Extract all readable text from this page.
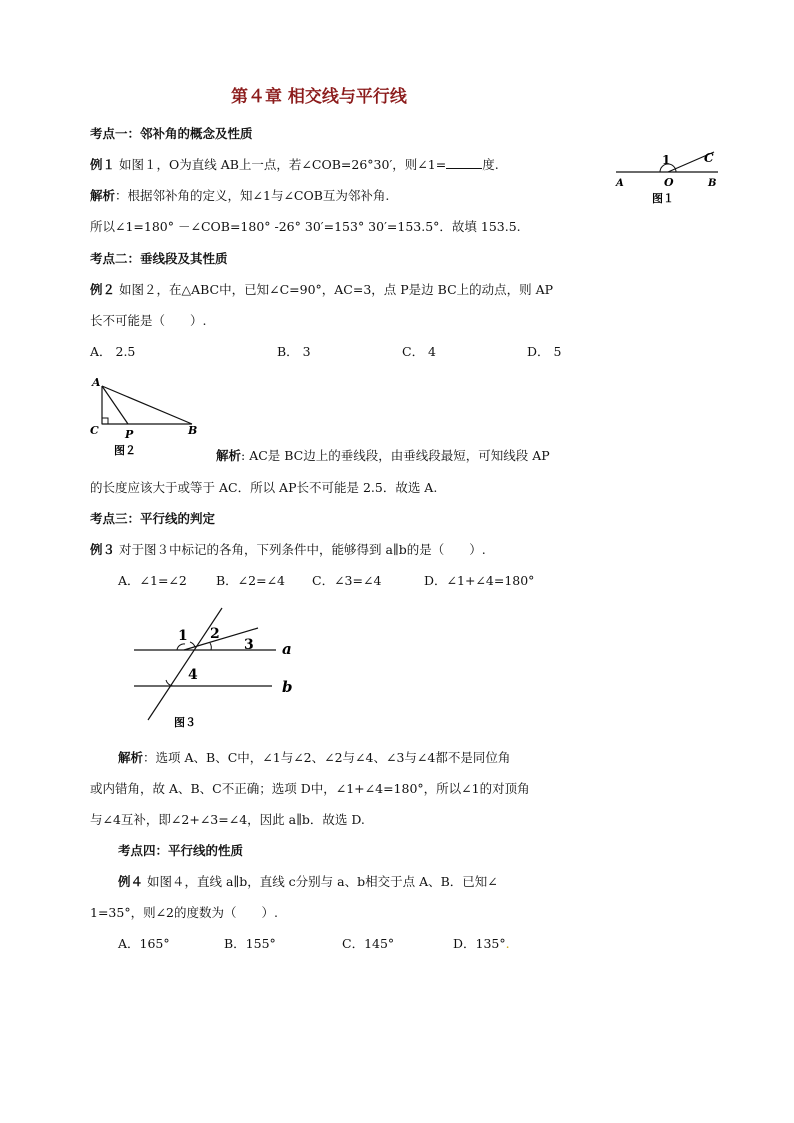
第４章 相交线与平行线
考点一：邻补角的概念及性质
例１ 如图１，O为直线 AB上一点，若∠COB=26°30′，则∠1=	度.
解析：根据邻补角的定义，知∠1与∠COB互为邻补角.
所以∠1=180° －∠COB=180° -26° 30′=153° 30′=153.5°．故填 153.5.
1	C
A	O	B
图１
考点二：垂线段及其性质
例２ 如图２，在△ABC中，已知∠C=90°，AC=3，点 P是边 BC上的动点，则 AP
长不可能是（　　）.
A． 2.5	B． 3	C． 4	D． 5
A
C P	B
图２	解析: AC是 BC边上的垂线段，由垂线段最短，可知线段 AP
的长度应该大于或等于 AC．所以 AP长不可能是 2.5．故选 A.
考点三：平行线的判定
例３ 对于图３中标记的各角，下列条件中，能够得到 a∥b的是（　　）.
A．∠1=∠2 B．∠2=∠4 C．∠3=∠4	D．∠1+∠4=180°
1 2
3
4
a
b
图３
解析：选项 A、B、C中，∠1与∠2、∠2与∠4、∠3与∠4都不是同位角
或内错角，故 A、B、C不正确；选项 D中，∠1+∠4=180°，所以∠1的对顶角
与∠4互补，即∠2+∠3=∠4，因此 a∥b．故选 D.
考点四：平行线的性质
例４ 如图４，直线 a∥b，直线 c分别与 a、b相交于点 A、B．已知∠
1=35°，则∠2的度数为（　　）.
A．165°	B．155°	C．145°	D．135°.
